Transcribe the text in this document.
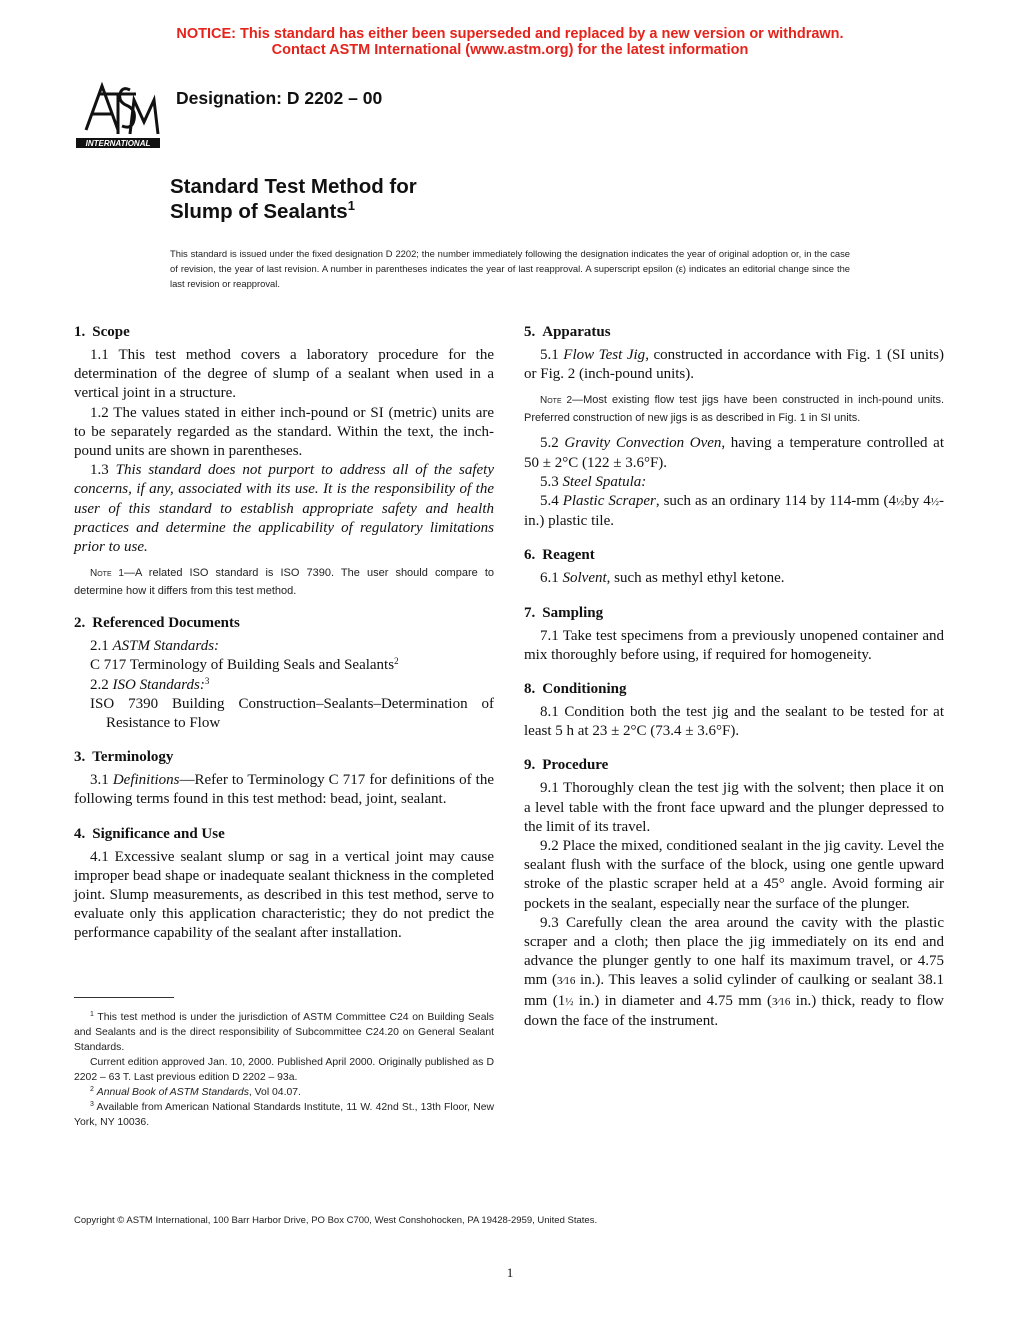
NOTICE: This standard has either been superseded and replaced by a new version or withdrawn.
Contact ASTM International (www.astm.org) for the latest information
INTERNATIONAL
Designation: D 2202 – 00
Standard Test Method for
Slump of Sealants$^1$
This standard is issued under the fixed designation D 2202; the number immediately following the designation indicates the year of original adoption or, in the case of revision, the year of last revision. A number in parentheses indicates the year of last reapproval. A superscript epsilon (ε) indicates an editorial change since the last revision or reapproval.
1. Scope

1.1 This test method covers a laboratory procedure for the determination of the degree of slump of a sealant when used in a vertical joint in a structure.

1.2 The values stated in either inch-pound or SI (metric) units are to be separately regarded as the standard. Within the text, the inch-pound units are shown in parentheses.

1.3 This standard does not purport to address all of the safety concerns, if any, associated with its use. It is the responsibility of the user of this standard to establish appropriate safety and health practices and determine the applicability of regulatory limitations prior to use.

Note 1—A related ISO standard is ISO 7390. The user should compare to determine how it differs from this test method.

2. Referenced Documents

2.1 ASTM Standards:

C 717 Terminology of Building Seals and Sealants$^2$

2.2 ISO Standards:$^3$

ISO 7390 Building Construction–Sealants–Determination of Resistance to Flow

3. Terminology

3.1 Definitions—Refer to Terminology C 717 for definitions of the following terms found in this test method: bead, joint, sealant.

4. Significance and Use

4.1 Excessive sealant slump or sag in a vertical joint may cause improper bead shape or inadequate sealant thickness in the completed joint. Slump measurements, as described in this test method, serve to evaluate only this application characteristic; they do not predict the performance capability of the sealant after installation.

5. Apparatus

5.1 Flow Test Jig, constructed in accordance with Fig. 1 (SI units) or Fig. 2 (inch-pound units).

Note 2—Most existing flow test jigs have been constructed in inch-pound units. Preferred construction of new jigs is as described in Fig. 1 in SI units.

5.2 Gravity Convection Oven, having a temperature controlled at 50 ± 2°C (122 ± 3.6°F).

5.3 Steel Spatula:

5.4 Plastic Scraper, such as an ordinary 114 by 114-mm (4½by 4½-in.) plastic tile.

6. Reagent

6.1 Solvent, such as methyl ethyl ketone.

7. Sampling

7.1 Take test specimens from a previously unopened container and mix thoroughly before using, if required for homogeneity.

8. Conditioning

8.1 Condition both the test jig and the sealant to be tested for at least 5 h at 23 ± 2°C (73.4 ± 3.6°F).

9. Procedure

9.1 Thoroughly clean the test jig with the solvent; then place it on a level table with the front face upward and the plunger depressed to the limit of its travel.

9.2 Place the mixed, conditioned sealant in the jig cavity. Level the sealant flush with the surface of the block, using one gentle upward stroke of the plastic scraper held at a 45° angle. Avoid forming air pockets in the sealant, especially near the surface of the plunger.

9.3 Carefully clean the area around the cavity with the plastic scraper and a cloth; then place the jig immediately on its end and advance the plunger gently to one half its maximum travel, or 4.75 mm (3⁄16 in.). This leaves a solid cylinder of caulking or sealant 38.1 mm (1½ in.) in diameter and 4.75 mm (3⁄16 in.) thick, ready to flow down the face of the instrument.

$^1$ This test method is under the jurisdiction of ASTM Committee C24 on Building Seals and Sealants and is the direct responsibility of Subcommittee C24.20 on General Sealant Standards.

Current edition approved Jan. 10, 2000. Published April 2000. Originally published as D 2202 – 63 T. Last previous edition D 2202 – 93a.

$^2$ Annual Book of ASTM Standards, Vol 04.07.

$^3$ Available from American National Standards Institute, 11 W. 42nd St., 13th Floor, New York, NY 10036.

Copyright © ASTM International, 100 Barr Harbor Drive, PO Box C700, West Conshohocken, PA 19428-2959, United States.
1
